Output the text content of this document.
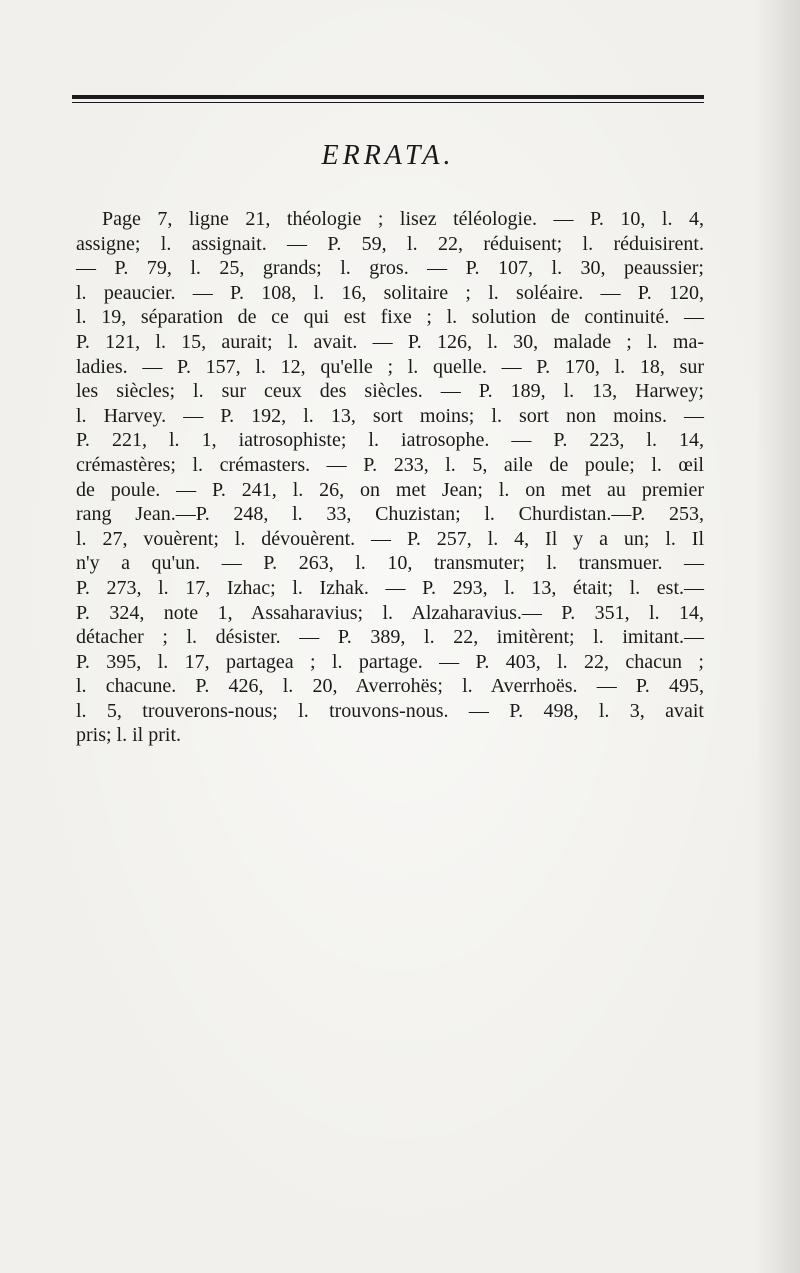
ERRATA.
Page 7, ligne 21, théologie ; lisez téléologie. — P. 10, l. 4,
assigne; l. assignait. — P. 59, l. 22, réduisent; l. réduisirent.
— P. 79, l. 25, grands; l. gros. — P. 107, l. 30, peaussier;
l. peaucier. — P. 108, l. 16, solitaire ; l. soléaire. — P. 120,
l. 19, séparation de ce qui est fixe ; l. solution de continuité. —
P. 121, l. 15, aurait; l. avait. — P. 126, l. 30, malade ; l. ma-
ladies. — P. 157, l. 12, qu'elle ; l. quelle. — P. 170, l. 18, sur
les siècles; l. sur ceux des siècles. — P. 189, l. 13, Harwey;
l. Harvey. — P. 192, l. 13, sort moins; l. sort non moins. —
P. 221, l. 1, iatrosophiste; l. iatrosophe. — P. 223, l. 14,
crémastères; l. crémasters. — P. 233, l. 5, aile de poule; l. œil
de poule. — P. 241, l. 26, on met Jean; l. on met au premier
rang Jean.—P. 248, l. 33, Chuzistan; l. Churdistan.—P. 253,
l. 27, vouèrent; l. dévouèrent. — P. 257, l. 4, Il y a un; l. Il
n'y a qu'un. — P. 263, l. 10, transmuter; l. transmuer. —
P. 273, l. 17, Izhac; l. Izhak. — P. 293, l. 13, était; l. est.—
P. 324, note 1, Assaharavius; l. Alzaharavius.— P. 351, l. 14,
détacher ; l. désister. — P. 389, l. 22, imitèrent; l. imitant.—
P. 395, l. 17, partagea ; l. partage. — P. 403, l. 22, chacun ;
l. chacune. P. 426, l. 20, Averrohës; l. Averrhoës. — P. 495,
l. 5, trouverons-nous; l. trouvons-nous. — P. 498, l. 3, avait
pris; l. il prit.
